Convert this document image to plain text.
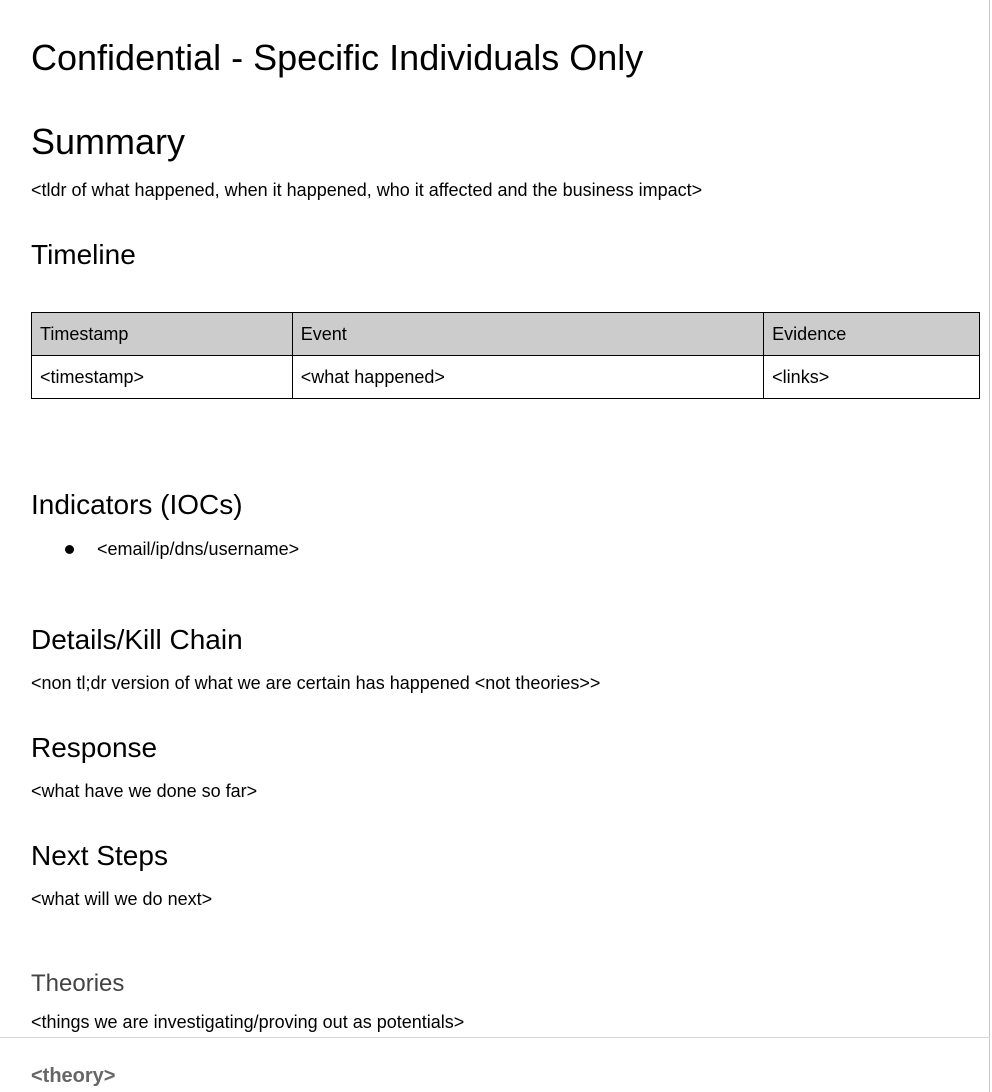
Confidential - Specific Individuals Only
Summary

<tldr of what happened, when it happened, who it affected and the business impact>

Timeline
Timestamp	Event	Evidence
<timestamp>	<what happened>	<links>
Indicators (IOCs)
<email/ip/dns/username>
Details/Kill Chain

<non tl;dr version of what we are certain has happened <not theories>>

Response

<what have we done so far>

Next Steps

<what will we do next>

Theories

<things we are investigating/proving out as potentials>

<theory>
